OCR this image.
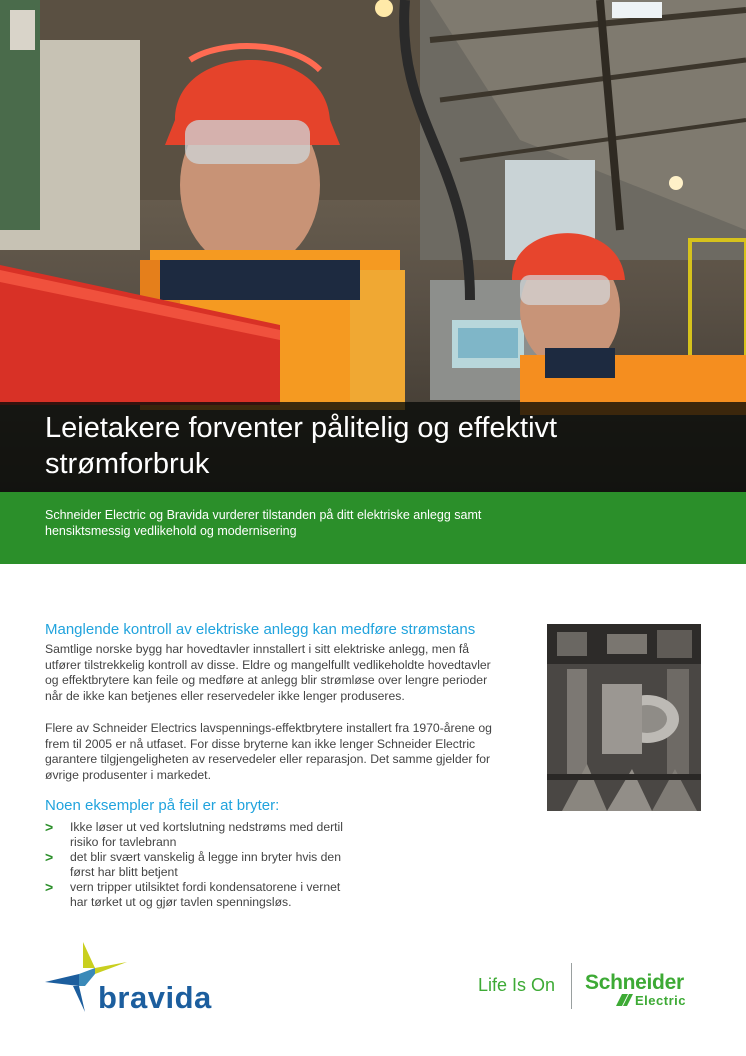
Leietakere forventer pålitelig og effektivt strømforbruk

Schneider Electric og Bravida vurderer tilstanden på ditt elektriske anlegg samt hensiktsmessig vedlikehold og modernisering

Manglende kontroll av elektriske anlegg kan medføre strømstans

Samtlige norske bygg har hovedtavler innstallert i sitt elektriske anlegg, men få utfører tilstrekkelig kontroll av disse. Eldre og mangelfullt vedlikeholdte hovedtavler og effektbrytere kan feile og medføre at anlegg blir strømløse over lengre perioder når de ikke kan betjenes eller reservedeler ikke lenger produseres.

Flere av Schneider Electrics lavspennings-effektbrytere installert fra 1970-årene og frem til 2005 er nå utfaset. For disse bryterne kan ikke lenger Schneider Electric garantere tilgjengeligheten av reservedeler eller reparasjon. Det samme gjelder for øvrige produsenter i markedet.

Noen eksempler på feil er at bryter:
> Ikke løser ut ved kortslutning nedstrøms med dertil risiko for tavlebrann
> det blir svært vanskelig å legge inn bryter hvis den først har blitt betjent
> vern tripper utilsiktet fordi kondensatorene i vernet har tørket ut og gjør tavlen spenningsløs.
bravida	Life Is On Schneider
Electric
